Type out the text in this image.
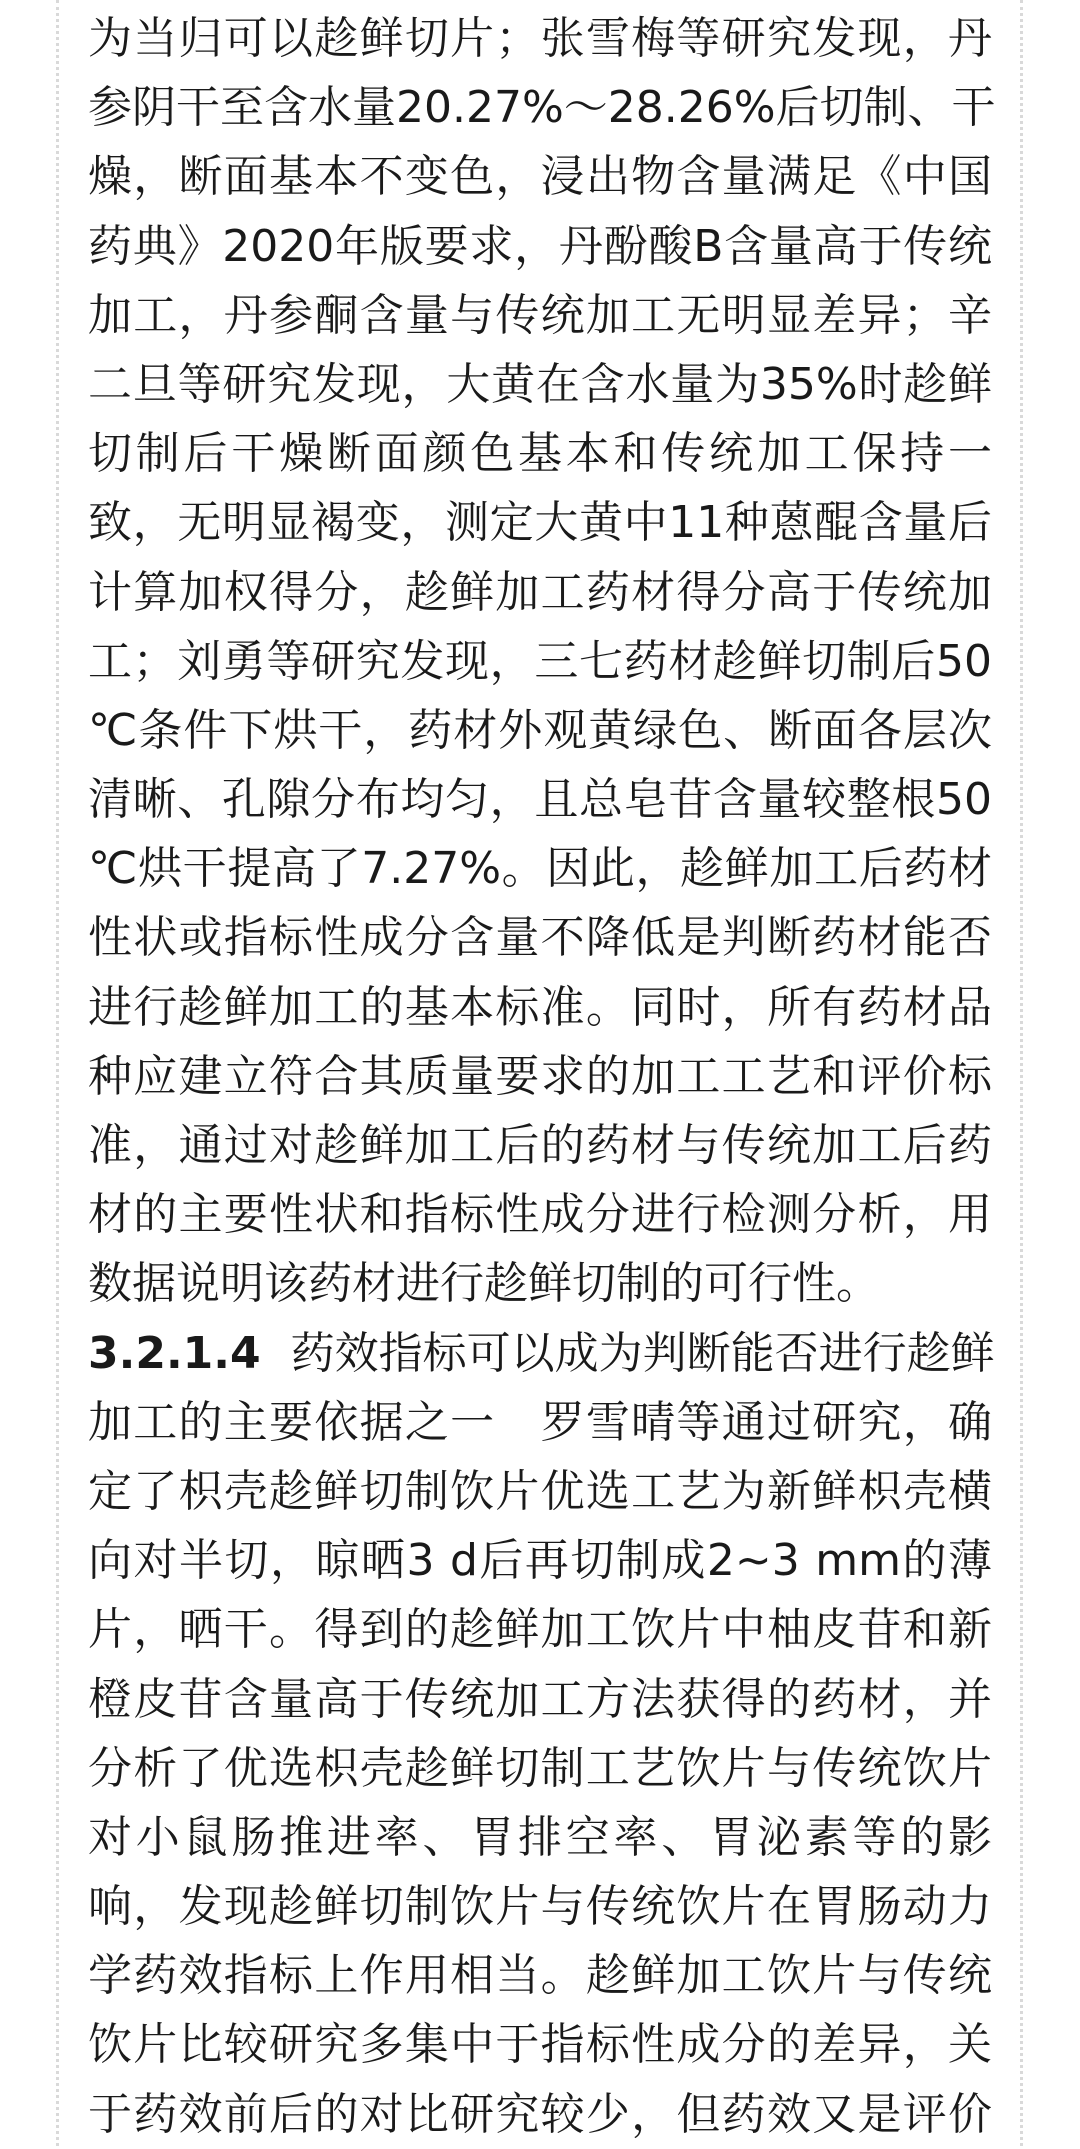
为当归可以趁鲜切片；张雪梅等研究发现，丹
参阴干至含水量20.27%～28.26%后切制、干
燥，断面基本不变色，浸出物含量满足《中国
药典》2020年版要求，丹酚酸B含量高于传统
加工，丹参酮含量与传统加工无明显差异；辛
二旦等研究发现，大黄在含水量为35%时趁鲜
切制后干燥断面颜色基本和传统加工保持一
致，无明显褐变，测定大黄中11种蒽醌含量后
计算加权得分，趁鲜加工药材得分高于传统加
工；刘勇等研究发现，三七药材趁鲜切制后50
℃条件下烘干，药材外观黄绿色、断面各层次
清晰、孔隙分布均匀，且总皂苷含量较整根50
℃烘干提高了7.27%。因此，趁鲜加工后药材
性状或指标性成分含量不降低是判断药材能否
进行趁鲜加工的基本标准。同时，所有药材品
种应建立符合其质量要求的加工工艺和评价标
准，通过对趁鲜加工后的药材与传统加工后药
材的主要性状和指标性成分进行检测分析，用
数据说明该药材进行趁鲜切制的可行性。
3.2.1.4 药效指标可以成为判断能否进行趁鲜
加工的主要依据之一　罗雪晴等通过研究，确
定了枳壳趁鲜切制饮片优选工艺为新鲜枳壳横
向对半切，晾晒3 d后再切制成2~3 mm的薄
片，晒干。得到的趁鲜加工饮片中柚皮苷和新
橙皮苷含量高于传统加工方法获得的药材，并
分析了优选枳壳趁鲜切制工艺饮片与传统饮片
对小鼠肠推进率、胃排空率、胃泌素等的影
响，发现趁鲜切制饮片与传统饮片在胃肠动力
学药效指标上作用相当。趁鲜加工饮片与传统
饮片比较研究多集中于指标性成分的差异，关
于药效前后的对比研究较少，但药效又是评价
